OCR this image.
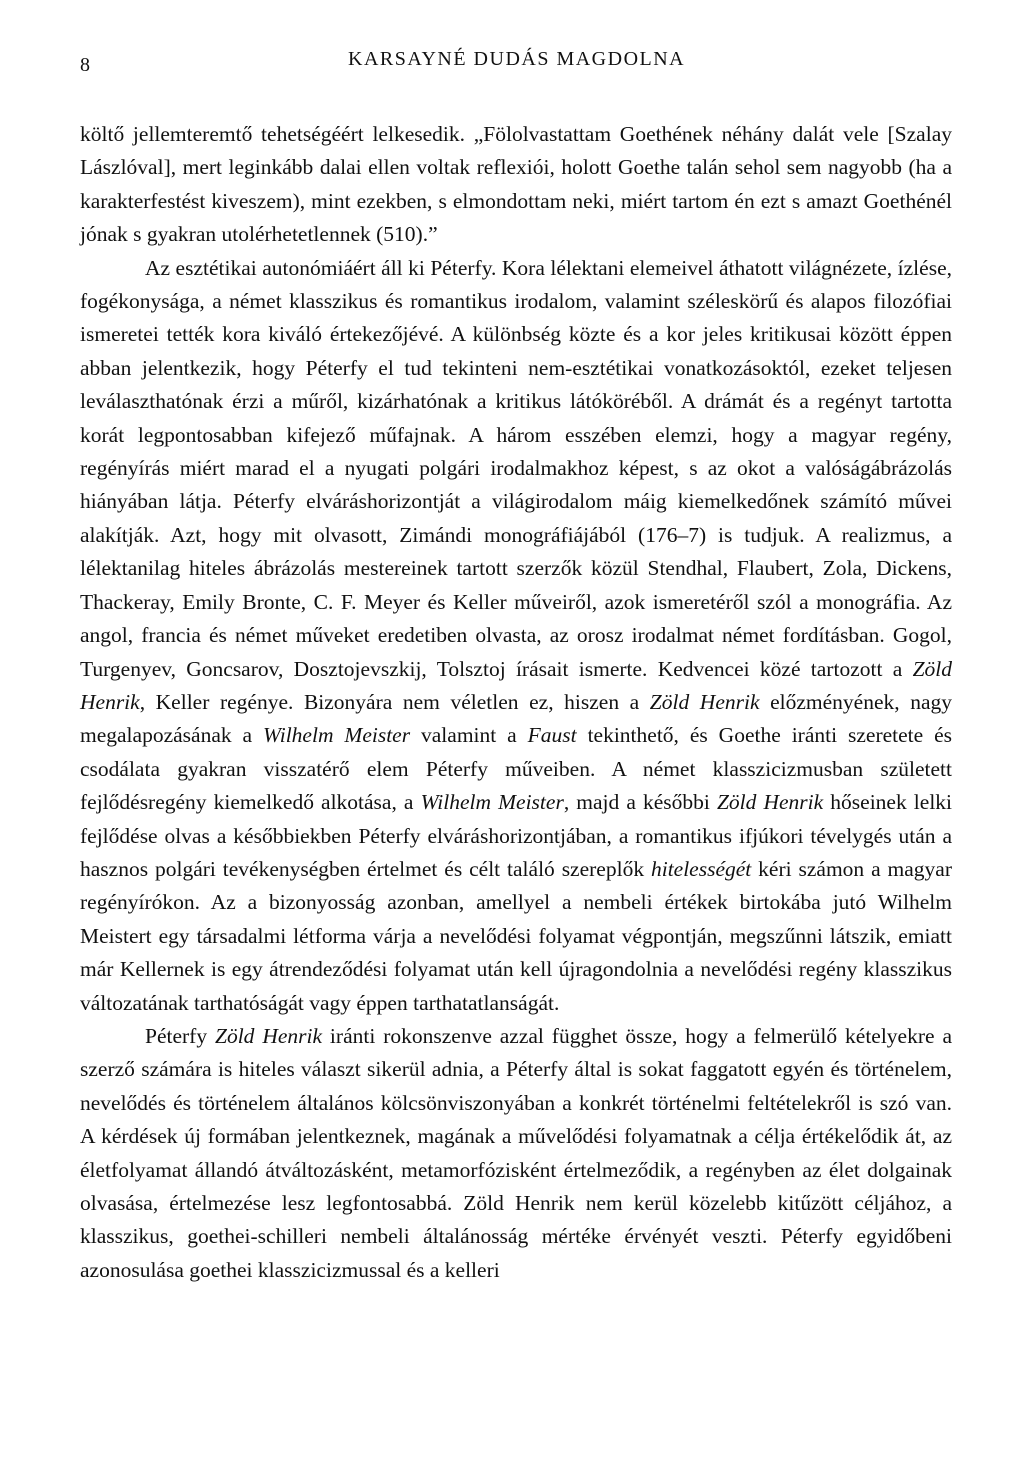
8	KARSAYNÉ DUDÁS MAGDOLNA

költő jellemteremtő tehetségéért lelkesedik. „Fölolvastattam Goethének néhány dalát vele [Szalay Lászlóval], mert leginkább dalai ellen voltak reflexiói, holott Goethe talán sehol sem nagyobb (ha a karakterfestést kiveszem), mint ezekben, s elmondottam neki, miért tartom én ezt s amazt Goethénél jónak s gyakran utolérhetetlennek (510).”

Az esztétikai autonómiáért áll ki Péterfy. Kora lélektani elemeivel áthatott világnézete, ízlése, fogékonysága, a német klasszikus és romantikus irodalom, valamint széleskörű és alapos filozófiai ismeretei tették kora kiváló értekezőjévé. A különbség közte és a kor jeles kritikusai között éppen abban jelentkezik, hogy Péterfy el tud tekinteni nem-esztétikai vonatkozásoktól, ezeket teljesen leválaszthatónak érzi a műről, kizárhatónak a kritikus látóköréből. A drámát és a regényt tartotta korát legpontosabban kifejező műfajnak. A három esszében elemzi, hogy a magyar regény, regényírás miért marad el a nyugati polgári irodalmakhoz képest, s az okot a valóságábrázolás hiányában látja. Péterfy elváráshorizontját a világirodalom máig kiemelkedőnek számító művei alakítják. Azt, hogy mit olvasott, Zimándi monográfiájából (176–7) is tudjuk. A realizmus, a lélektanilag hiteles ábrázolás mestereinek tartott szerzők közül Stendhal, Flaubert, Zola, Dickens, Thackeray, Emily Bronte, C. F. Meyer és Keller műveiről, azok ismeretéről szól a monográfia. Az angol, francia és német műveket eredetiben olvasta, az orosz irodalmat német fordításban. Gogol, Turgenyev, Goncsarov, Dosztojevszkij, Tolsztoj írásait ismerte. Kedvencei közé tartozott a Zöld Henrik, Keller regénye. Bizonyára nem véletlen ez, hiszen a Zöld Henrik előzményének, nagy megalapozásának a Wilhelm Meister valamint a Faust tekinthető, és Goethe iránti szeretete és csodálata gyakran visszatérő elem Péterfy műveiben. A német klasszicizmusban született fejlődésregény kiemelkedő alkotása, a Wilhelm Meister, majd a későbbi Zöld Henrik hőseinek lelki fejlődése olvas a későbbiekben Péterfy elváráshorizontjában, a romantikus ifjúkori tévelygés után a hasznos polgári tevékenységben értelmet és célt találó szereplők hitelességét kéri számon a magyar regényírókon. Az a bizonyosság azonban, amellyel a nembeli értékek birtokába jutó Wilhelm Meistert egy társadalmi létforma várja a nevelődési folyamat végpontján, megszűnni látszik, emiatt már Kellernek is egy átrendeződési folyamat után kell újragondolnia a nevelődési regény klasszikus változatának tarthatóságát vagy éppen tarthatatlanságát.

Péterfy Zöld Henrik iránti rokonszenve azzal függhet össze, hogy a felmerülő kételyekre a szerző számára is hiteles választ sikerül adnia, a Péterfy által is sokat faggatott egyén és történelem, nevelődés és történelem általános kölcsönviszonyában a konkrét történelmi feltételekről is szó van. A kérdések új formában jelentkeznek, magának a művelődési folyamatnak a célja értékelődik át, az életfolyamat állandó átváltozásként, metamorfózisként értelmeződik, a regényben az élet dolgainak olvasása, értelmezése lesz legfontosabbá. Zöld Henrik nem kerül közelebb kitűzött céljához, a klasszikus, goethei-schilleri nembeli általánosság mértéke érvényét veszti. Péterfy egyidőbeni azonosulása goethei klasszicizmussal és a kelleri
